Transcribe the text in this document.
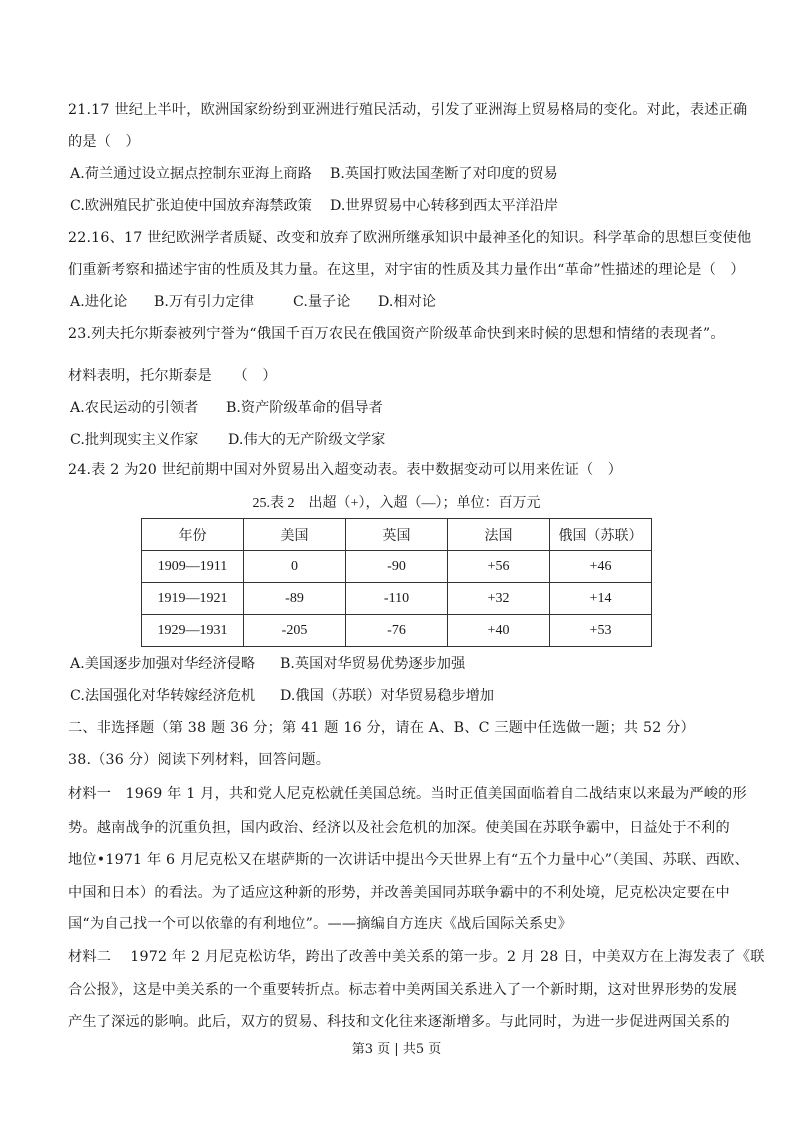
21.17 世纪上半叶，欧洲国家纷纷到亚洲进行殖民活动，引发了亚洲海上贸易格局的变化。对此，表述正确
的是（　）
A.荷兰通过设立据点控制东亚海上商路 B.英国打败法国垄断了对印度的贸易
C.欧洲殖民扩张迫使中国放弃海禁政策 D.世界贸易中心转移到西太平洋沿岸
22.16、17 世纪欧洲学者质疑、改变和放弃了欧洲所继承知识中最神圣化的知识。科学革命的思想巨变使他
们重新考察和描述宇宙的性质及其力量。在这里，对宇宙的性质及其力量作出“革命”性描述的理论是（　）
A.进化论 B.万有引力定律	C.量子论 D.相对论
23.列夫托尔斯泰被列宁誉为“俄国千百万农民在俄国资产阶级革命快到来时候的思想和情绪的表现者”。
材料表明，托尔斯泰是　　（　）
A.农民运动的引领者 B.资产阶级革命的倡导者
C.批判现实主义作家 D.伟大的无产阶级文学家
24.表 2 为20 世纪前期中国对外贸易出入超变动表。表中数据变动可以用来佐证（　）
25.表 2　出超（+），入超（—）；单位：百万元
年份	美国	英国	法国	俄国（苏联）
1909—1911	0	-90	+56	+46
1919—1921	-89	-110	+32	+14
1929—1931	-205	-76	+40	+53
A.美国逐步加强对华经济侵略 B.英国对华贸易优势逐步加强
C.法国强化对华转嫁经济危机 D.俄国（苏联）对华贸易稳步增加
二、非选择题（第 38 题 36 分；第 41 题 16 分，请在 A、B、C 三题中任选做一题；共 52 分）
38.（36 分）阅读下列材料，回答问题。
材料一　1969 年 1 月，共和党人尼克松就任美国总统。当时正值美国面临着自二战结束以来最为严峻的形
势。越南战争的沉重负担，国内政治、经济以及社会危机的加深。使美国在苏联争霸中，日益处于不利的
地位•1971 年 6 月尼克松又在堪萨斯的一次讲话中提出今天世界上有“五个力量中心”（美国、苏联、西欧、
中国和日本）的看法。为了适应这种新的形势，并改善美国同苏联争霸中的不利处境，尼克松决定要在中
国“为自己找一个可以依靠的有利地位”。——摘编自方连庆《战后国际关系史》
材料二　 1972 年 2 月尼克松访华，跨出了改善中美关系的第一步。2 月 28 日，中美双方在上海发表了《联
合公报》，这是中美关系的一个重要转折点。标志着中美两国关系进入了一个新时期，这对世界形势的发展
产生了深远的影响。此后，双方的贸易、科技和文化往来逐渐增多。与此同时，为进一步促进两国关系的
第3 页 | 共5 页
